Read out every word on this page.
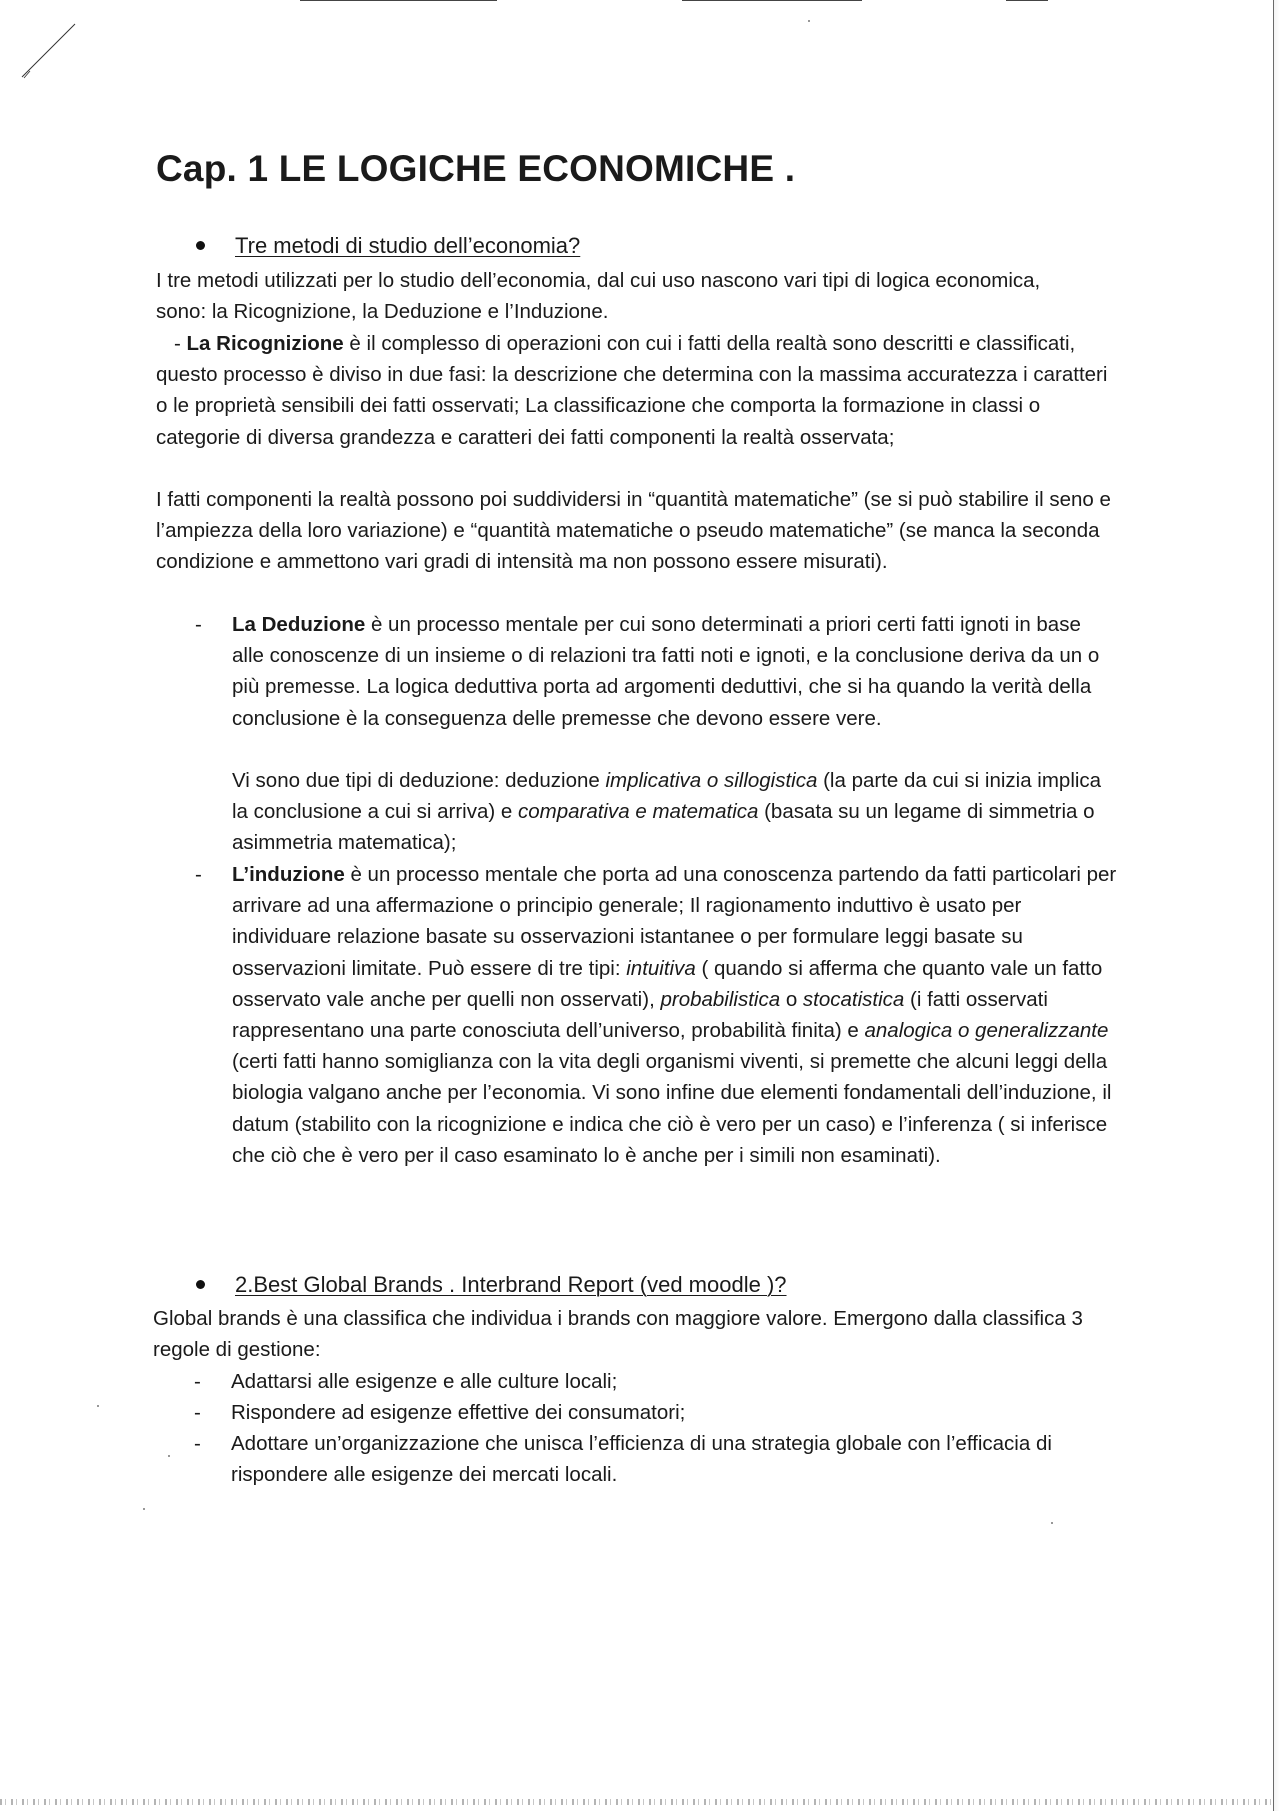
Cap. 1 LE LOGICHE ECONOMICHE .
Tre metodi di studio dell’economia?
I tre metodi utilizzati per lo studio dell’economia, dal cui uso nascono vari tipi di logica economica, sono: la Ricognizione, la Deduzione e l’Induzione.
- La Ricognizione è il complesso di operazioni con cui i fatti della realtà sono descritti e classificati, questo processo è diviso in due fasi: la descrizione che determina con la massima accuratezza i caratteri o le proprietà sensibili dei fatti osservati; La classificazione che comporta la formazione in classi o categorie di diversa grandezza e caratteri dei fatti componenti la realtà osservata;
I fatti componenti la realtà possono poi suddividersi in “quantità matematiche” (se si può stabilire il seno e l’ampiezza della loro variazione) e “quantità matematiche o pseudo matematiche” (se manca la seconda condizione e ammettono vari gradi di intensità ma non possono essere misurati).
- La Deduzione è un processo mentale per cui sono determinati a priori certi fatti ignoti in base alle conoscenze di un insieme o di relazioni tra fatti noti e ignoti, e la conclusione deriva da un o più premesse. La logica deduttiva porta ad argomenti deduttivi, che si ha quando la verità della conclusione è la conseguenza delle premesse che devono essere vere.
Vi sono due tipi di deduzione: deduzione implicativa o sillogistica (la parte da cui si inizia implica la conclusione a cui si arriva) e comparativa e matematica (basata su un legame di simmetria o asimmetria matematica);
- L’induzione è un processo mentale che porta ad una conoscenza partendo da fatti particolari per arrivare ad una affermazione o principio generale; Il ragionamento induttivo è usato per individuare relazione basate su osservazioni istantanee o per formulare leggi basate su osservazioni limitate. Può essere di tre tipi: intuitiva ( quando si afferma che quanto vale un fatto osservato vale anche per quelli non osservati), probabilistica o stocatistica (i fatti osservati rappresentano una parte conosciuta dell’universo, probabilità finita) e analogica o generalizzante (certi fatti hanno somiglianza con la vita degli organismi viventi, si premette che alcuni leggi della biologia valgano anche per l’economia. Vi sono infine due elementi fondamentali dell’induzione, il datum (stabilito con la ricognizione e indica che ciò è vero per un caso) e l’inferenza ( si inferisce che ciò che è vero per il caso esaminato lo è anche per i simili non esaminati).
2.Best Global Brands . Interbrand Report (ved moodle )?
Global brands è una classifica che individua i brands con maggiore valore. Emergono dalla classifica 3 regole di gestione:
- Adattarsi alle esigenze e alle culture locali;
- Rispondere ad esigenze effettive dei consumatori;
- Adottare un’organizzazione che unisca l’efficienza di una strategia globale con l’efficacia di rispondere alle esigenze dei mercati locali.
